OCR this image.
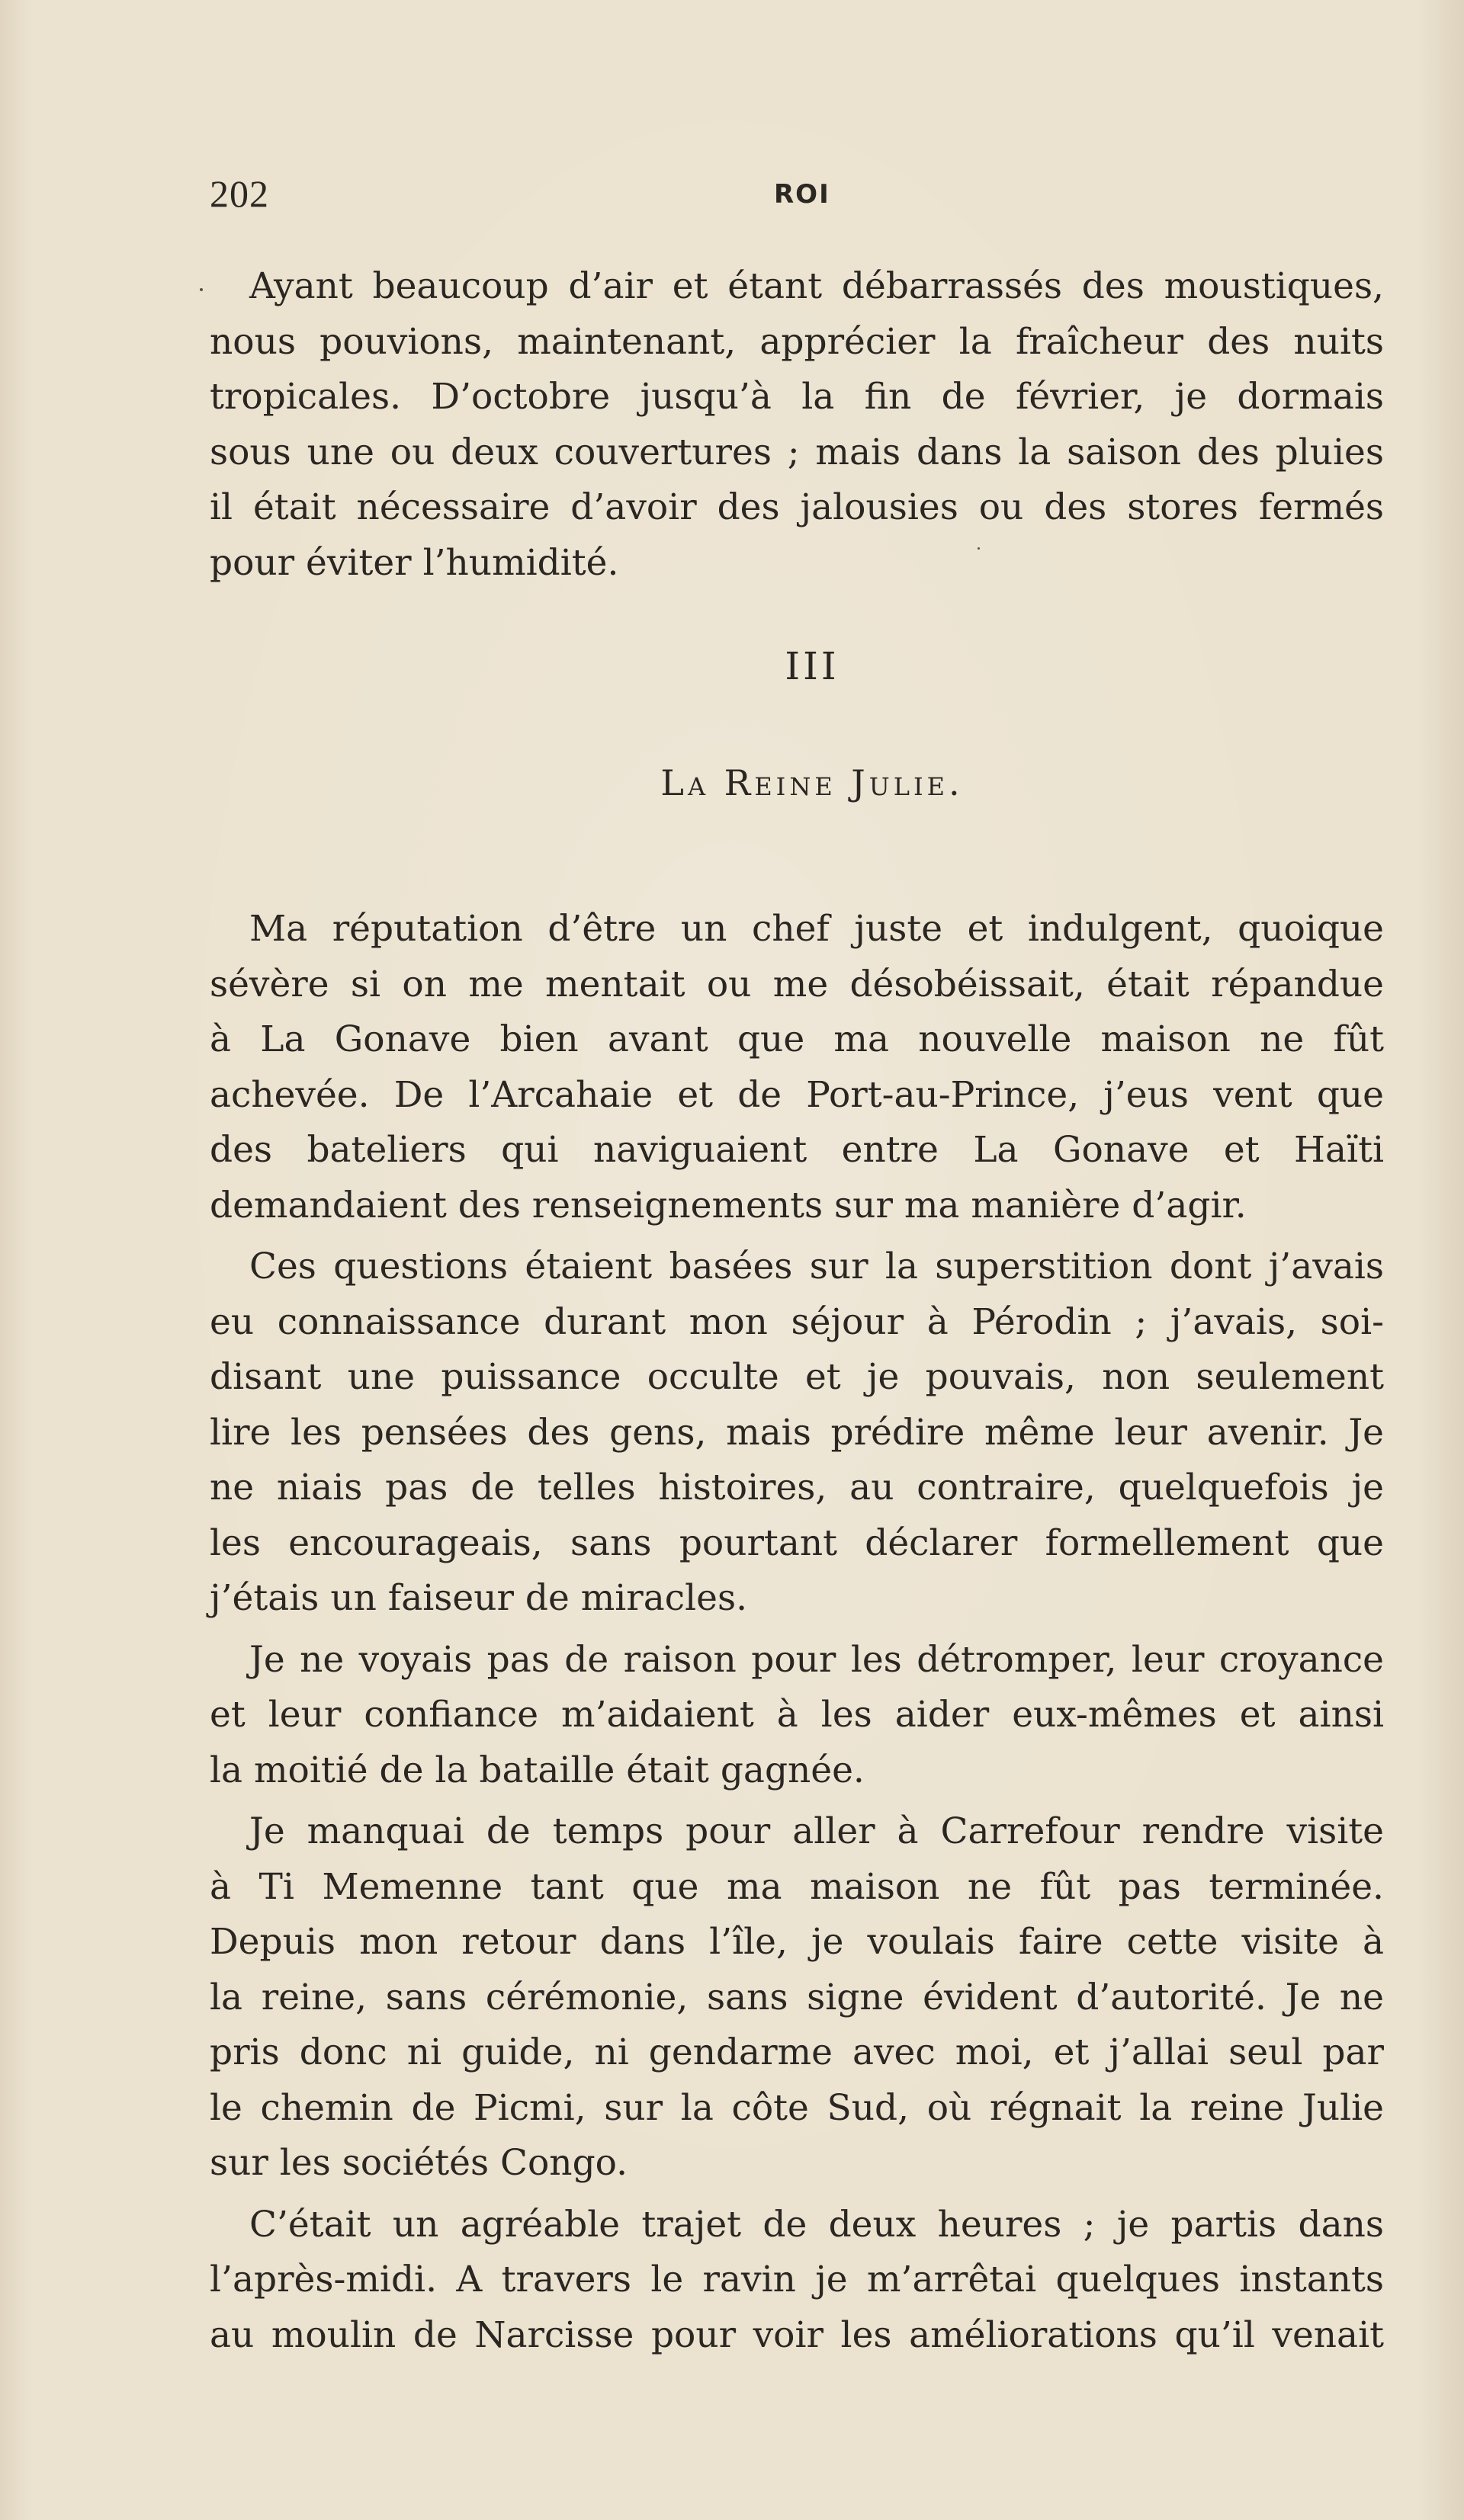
202	ROI

Ayant beaucoup d’air et étant débarrassés des moustiques,

nous pouvions, maintenant, apprécier la fraîcheur des nuits

tropicales. D’octobre jusqu’à la fin de février, je dormais

sous une ou deux couvertures ; mais dans la saison des pluies

il était nécessaire d’avoir des jalousies ou des stores fermés

pour éviter l’humidité.

III
La Reine Julie.

Ma réputation d’être un chef juste et indulgent, quoique

sévère si on me mentait ou me désobéissait, était répandue

à La Gonave bien avant que ma nouvelle maison ne fût

achevée. De l’Arcahaie et de Port-au-Prince, j’eus vent que

des bateliers qui naviguaient entre La Gonave et Haïti

demandaient des renseignements sur ma manière d’agir.

Ces questions étaient basées sur la superstition dont j’avais

eu connaissance durant mon séjour à Pérodin ; j’avais, soi-

disant une puissance occulte et je pouvais, non seulement

lire les pensées des gens, mais prédire même leur avenir. Je

ne niais pas de telles histoires, au contraire, quelquefois je

les encourageais, sans pourtant déclarer formellement que

j’étais un faiseur de miracles.

Je ne voyais pas de raison pour les détromper, leur croyance

et leur confiance m’aidaient à les aider eux-mêmes et ainsi

la moitié de la bataille était gagnée.

Je manquai de temps pour aller à Carrefour rendre visite

à Ti Memenne tant que ma maison ne fût pas terminée.

Depuis mon retour dans l’île, je voulais faire cette visite à

la reine, sans cérémonie, sans signe évident d’autorité. Je ne

pris donc ni guide, ni gendarme avec moi, et j’allai seul par

le chemin de Picmi, sur la côte Sud, où régnait la reine Julie

sur les sociétés Congo.

C’était un agréable trajet de deux heures ; je partis dans

l’après-midi. A travers le ravin je m’arrêtai quelques instants

au moulin de Narcisse pour voir les améliorations qu’il venait
